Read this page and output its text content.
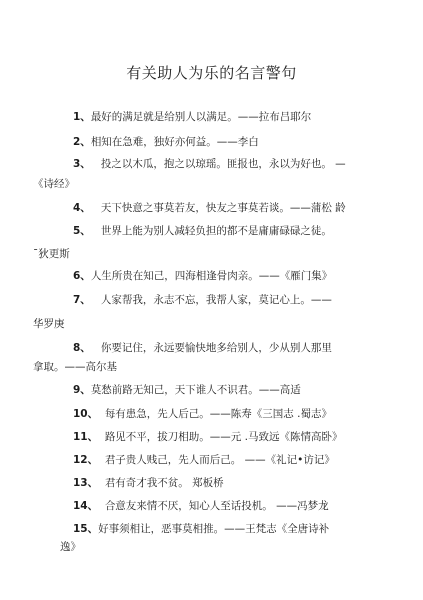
有关助人为乐的名言警句
1、最好的满足就是给别人以满足。——拉布吕耶尔
2、相知在急难，独好亦何益。——李白
3、 投之以木瓜，抱之以琼瑶。匪报也，永以为好也。 —
《诗经》
4、 天下快意之事莫若友，快友之事莫若谈。——蒲松 龄
5、 世界上能为别人减轻负担的都不是庸庸碌碌之徒。
¯狄更斯
6、人生所贵在知己，四海相逢骨肉亲。——《雁门集》
7、 人家帮我，永志不忘，我帮人家，莫记心上。——
华罗庚
8、 你要记住，永远要愉快地多给别人，少从别人那里
拿取。——高尔基
9、莫愁前路无知己，天下谁人不识君。——高适
10、 每有患急，先人后己。——陈寿《三国志 .蜀志》
11、 路见不平，拔刀相助。——元 .马致远《陈情高卧》
12、 君子贵人贱己，先人而后己。 ——《礼记•访记》
13、 君有奇才我不贫。 郑板桥
14、 合意友来情不厌，知心人至话投机。 ——冯梦龙
15、好事须相让，恶事莫相推。——王梵志《全唐诗补
逸》
